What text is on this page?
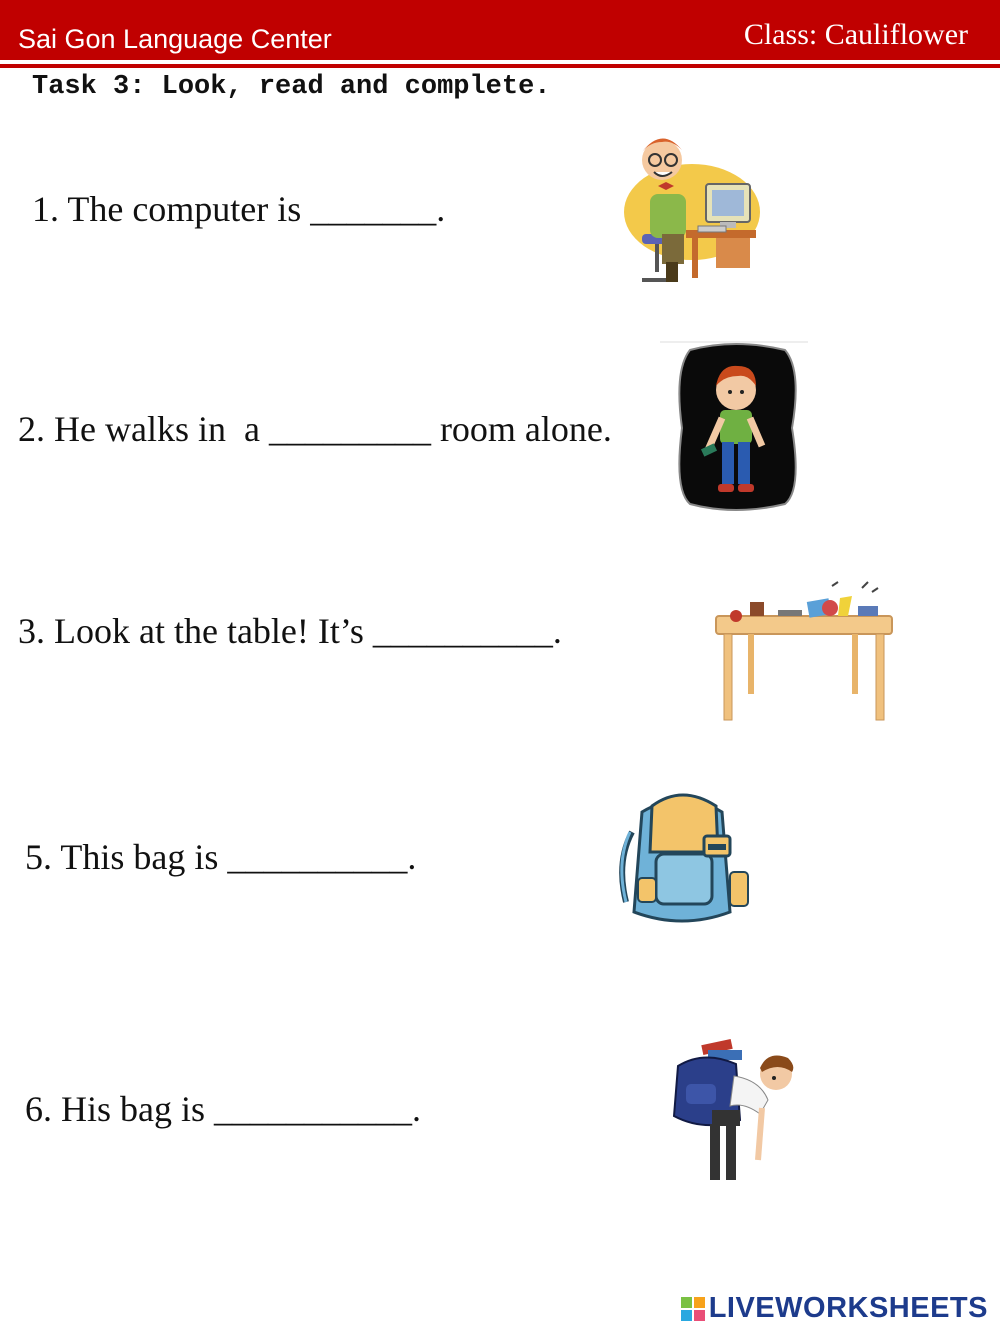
Sai Gon Language Center	Class: Cauliflower
Task 3: Look, read and complete.
1. The computer is _______.
2. He walks in  a _________ room alone.
3. Look at the table! It’s __________.
5. This bag is __________.
6. His bag is ___________.
LIVEWORKSHEETS
